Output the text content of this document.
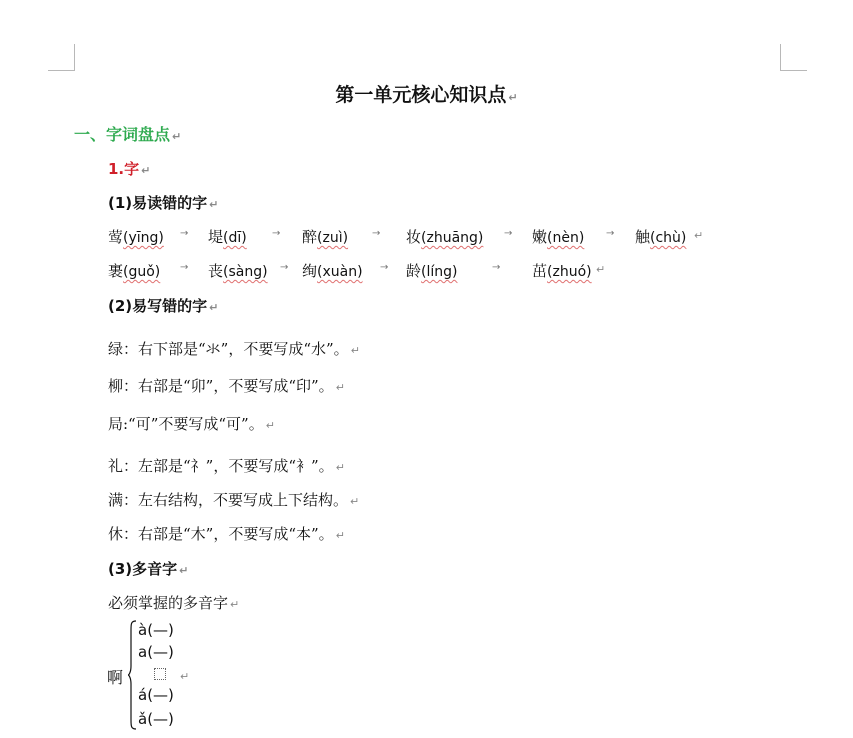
第一单元核心知识点 ↵
一、字词盘点 ↵
1.字 ↵
(1)易读错的字 ↵
莺(yīng) → 堤(dī)	→ 醉(zuì) → 妆(zhuāng) → 嫩(nèn) → 触(chù) ↵
裹(guǒ) → 丧(sàng) → 绚(xuàn) → 龄(líng)	→ 茁(zhuó) ↵
(2)易写错的字 ↵
绿：右下部是“氺”，不要写成“水”。 ↵
柳：右部是“卯”，不要写成“印”。 ↵
局:“可”不要写成“可”。 ↵
礼：左部是“礻”，不要写成“衤”。 ↵
满：左右结构，不要写成上下结构。 ↵
休：右部是“木”，不要写成“本”。 ↵
(3)多音字 ↵
必须掌握的多音字 ↵
啊
à(—)
a(—)
↵
á(—)
ǎ(—)
